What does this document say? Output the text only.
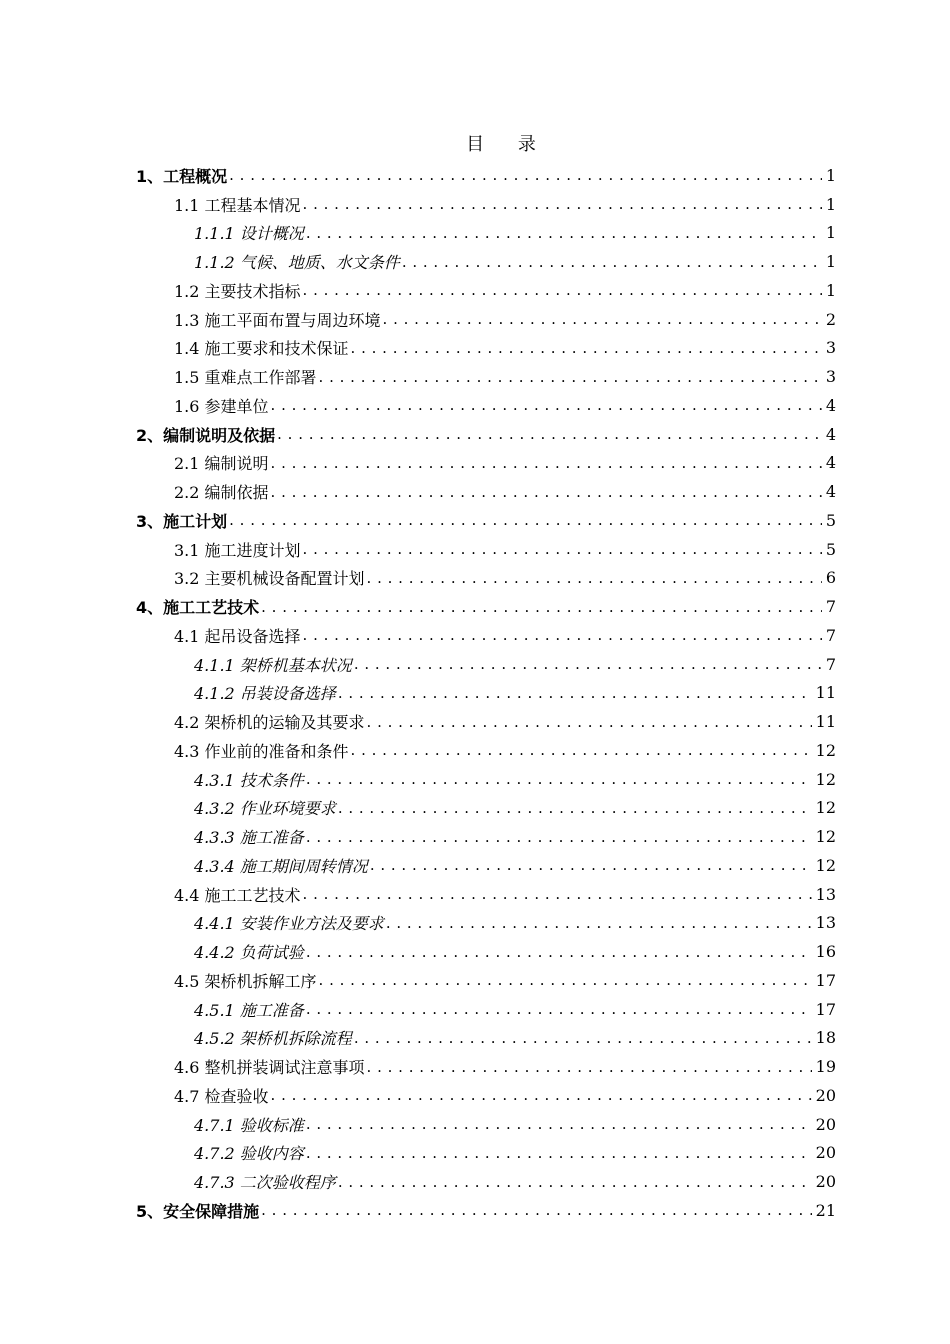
目 录
1、工程概况 . . .	1
1.1 工程基本情况 . . .	1
1.1.1 设计概况 . . .	1
1.1.2 气候、地质、水文条件 . . .	1
1.2 主要技术指标 . . .	1
1.3 施工平面布置与周边环境 . . .	2
1.4 施工要求和技术保证 . . .	3
1.5 重难点工作部署 . . .	3
1.6 参建单位 . . .	4
2、编制说明及依据 . . .	4
2.1 编制说明 . . .	4
2.2 编制依据 . . .	4
3、施工计划 . . .	5
3.1 施工进度计划 . . .	5
3.2 主要机械设备配置计划 . . .	6
4、施工工艺技术 . . .	7
4.1 起吊设备选择 . . .	7
4.1.1 架桥机基本状况 . . .	7
4.1.2 吊装设备选择 . . .	11
4.2 架桥机的运输及其要求 . . .	11
4.3 作业前的准备和条件 . . .	12
4.3.1 技术条件 . . .	12
4.3.2 作业环境要求 . . .	12
4.3.3 施工准备 . . .	12
4.3.4 施工期间周转情况 . . .	12
4.4 施工工艺技术 . . .	13
4.4.1 安装作业方法及要求 . . .	13
4.4.2 负荷试验 . . .	16
4.5 架桥机拆解工序 . . .	17
4.5.1 施工准备 . . .	17
4.5.2 架桥机拆除流程 . . .	18
4.6 整机拼装调试注意事项 . . .	19
4.7 检查验收 . . .	20
4.7.1 验收标准 . . .	20
4.7.2 验收内容 . . .	20
4.7.3 二次验收程序 . . .	20
5、安全保障措施 . . .	21
